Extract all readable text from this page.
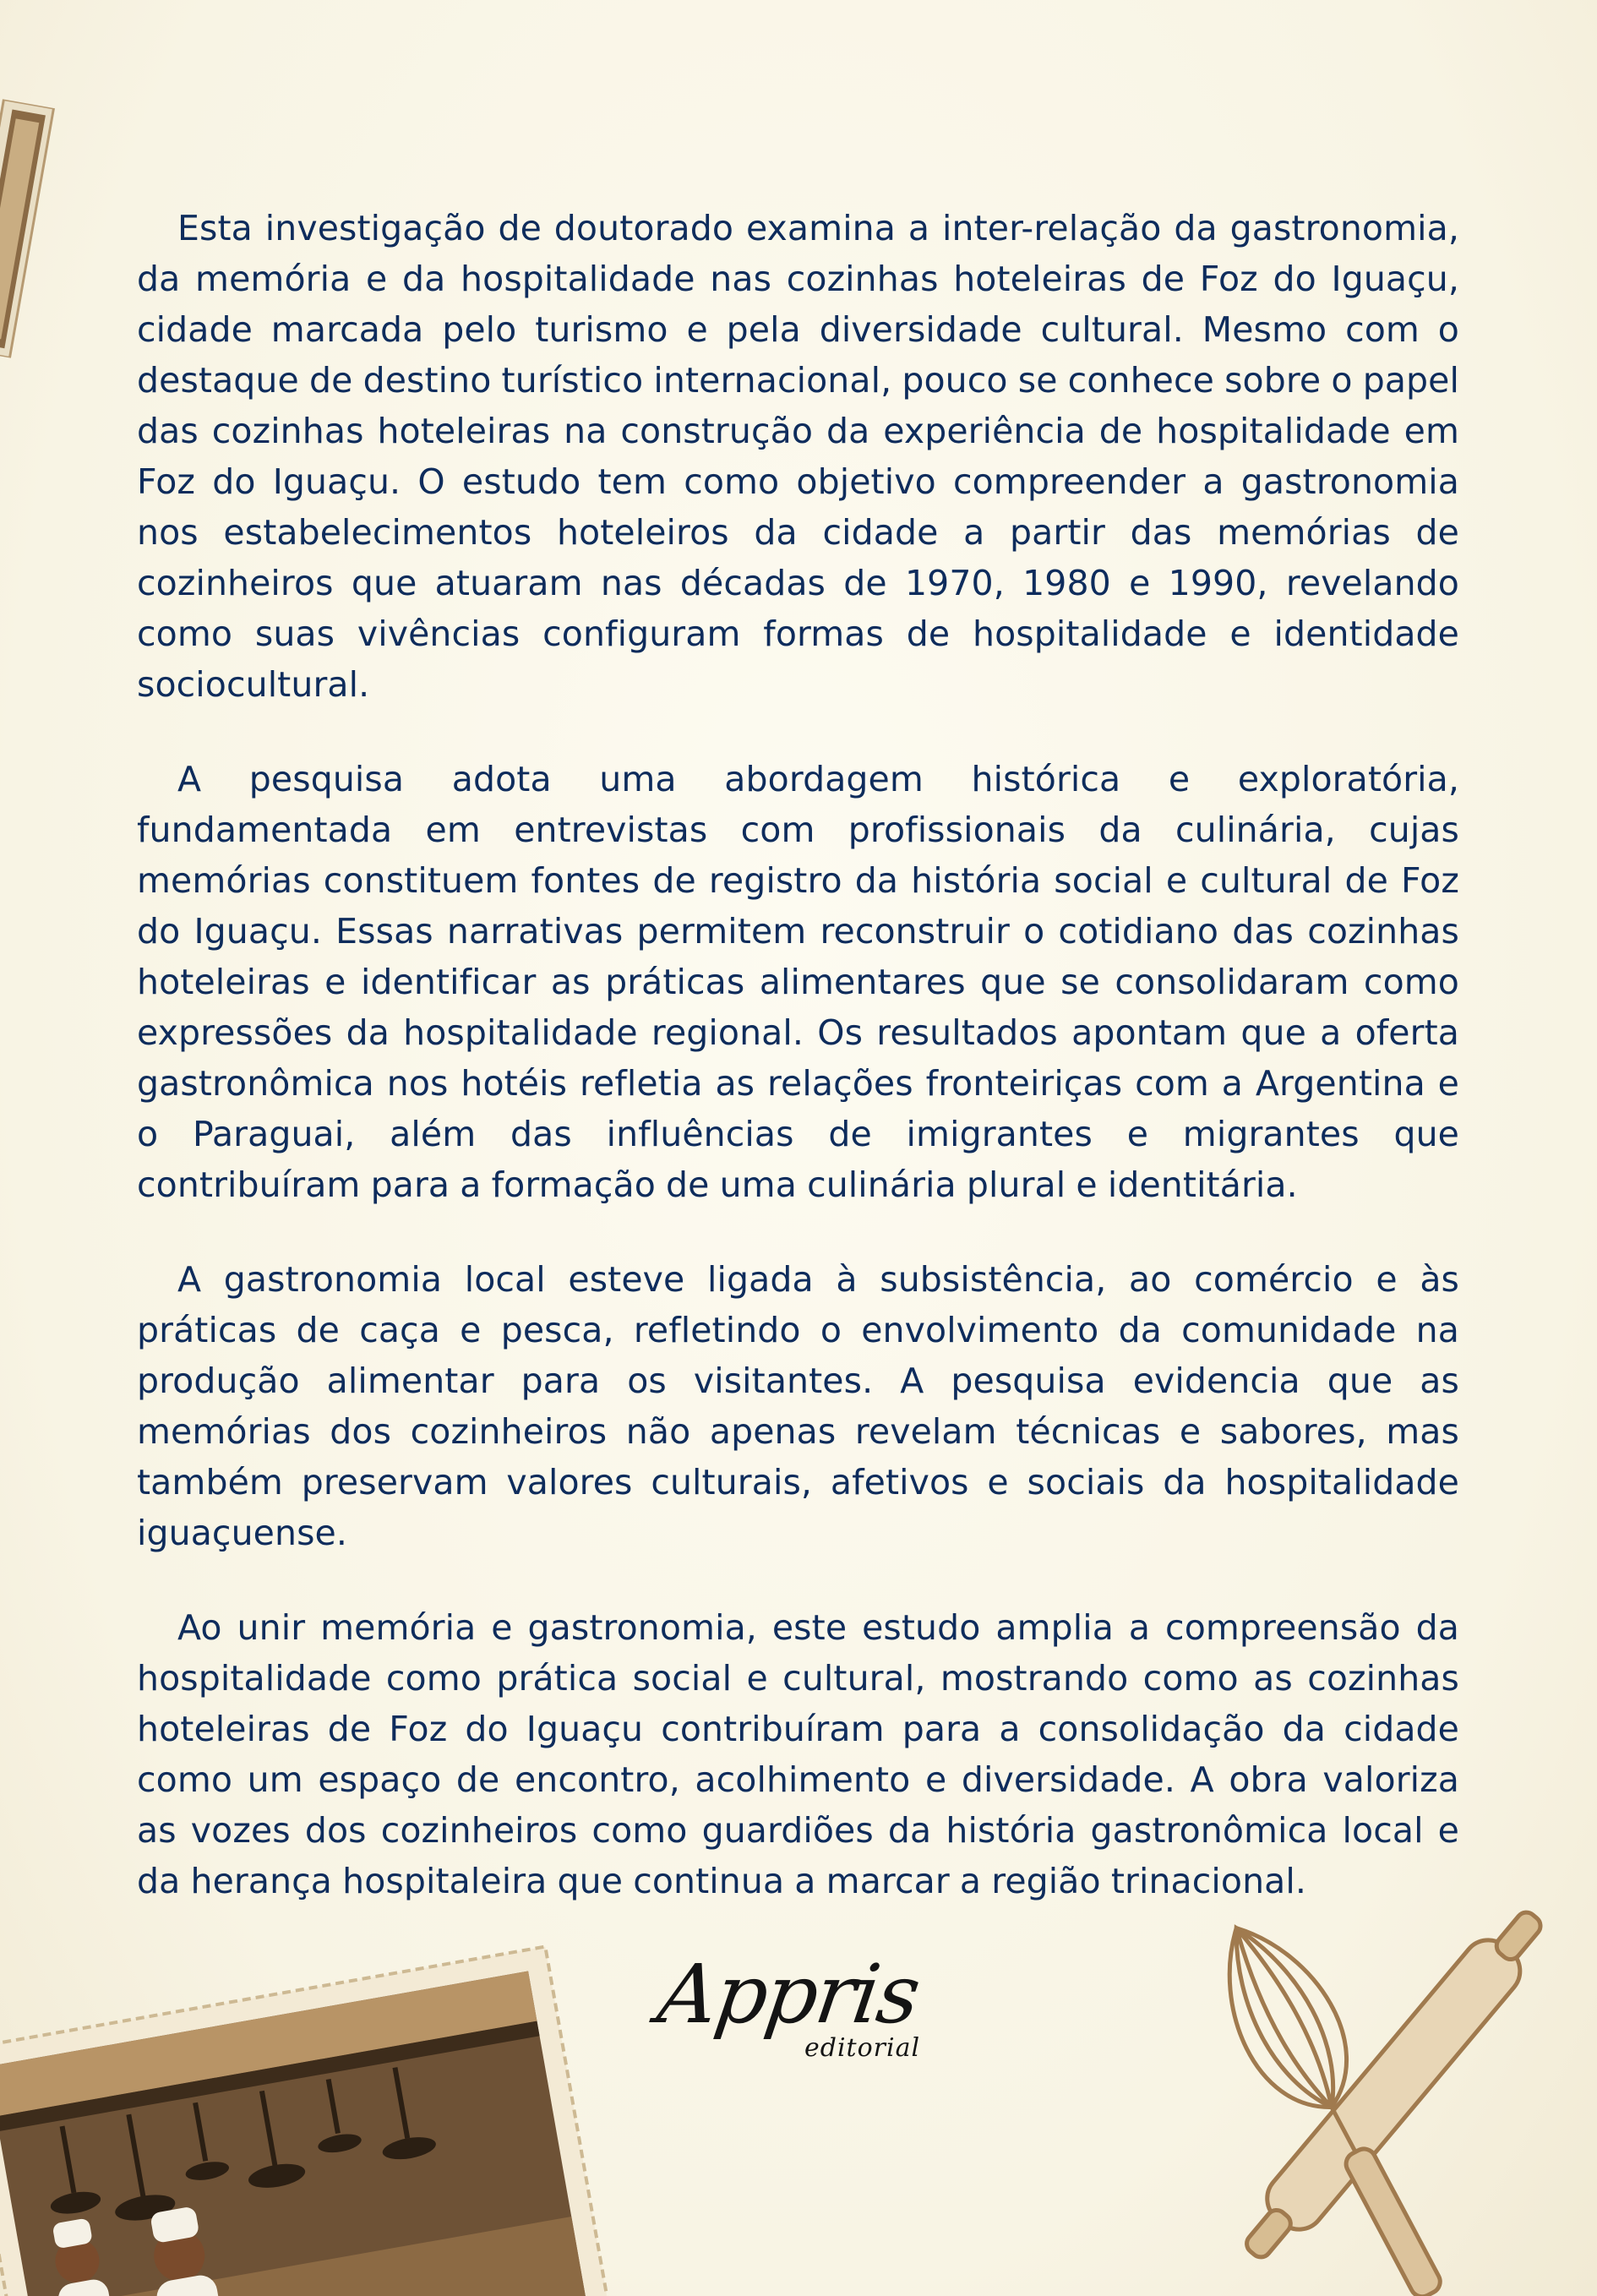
Esta investigação de doutorado examina a inter-relação da gastronomia, da memória e da hospitalidade nas cozinhas hoteleiras de Foz do Iguaçu, cidade marcada pelo turismo e pela diversidade cultural. Mesmo com o destaque de destino turístico internacional, pouco se conhece sobre o papel das cozinhas hoteleiras na construção da experiência de hospitalidade em Foz do Iguaçu. O estudo tem como objetivo compreender a gastronomia nos estabelecimentos hoteleiros da cidade a partir das memórias de cozinheiros que atuaram nas décadas de 1970, 1980 e 1990, revelando como suas vivências configuram formas de hospitalidade e identidade sociocultural.

A pesquisa adota uma abordagem histórica e exploratória, fundamentada em entrevistas com profissionais da culinária, cujas memórias constituem fontes de registro da história social e cultural de Foz do Iguaçu. Essas narrativas permitem reconstruir o cotidiano das cozinhas hoteleiras e identificar as práticas alimentares que se consolidaram como expressões da hospitalidade regional. Os resultados apontam que a oferta gastronômica nos hotéis refletia as relações fronteiriças com a Argentina e o Paraguai, além das influências de imigrantes e migrantes que contribuíram para a formação de uma culinária plural e identitária.

A gastronomia local esteve ligada à subsistência, ao comércio e às práticas de caça e pesca, refletindo o envolvimento da comunidade na produção alimentar para os visitantes. A pesquisa evidencia que as memórias dos cozinheiros não apenas revelam técnicas e sabores, mas também preservam valores culturais, afetivos e sociais da hospitalidade iguaçuense.

Ao unir memória e gastronomia, este estudo amplia a compreensão da hospitalidade como prática social e cultural, mostrando como as cozinhas hoteleiras de Foz do Iguaçu contribuíram para a consolidação da cidade como um espaço de encontro, acolhimento e diversidade. A obra valoriza as vozes dos cozinheiros como guardiões da história gastronômica local e da herança hospitaleira que continua a marcar a região trinacional.

Appris
editorial
